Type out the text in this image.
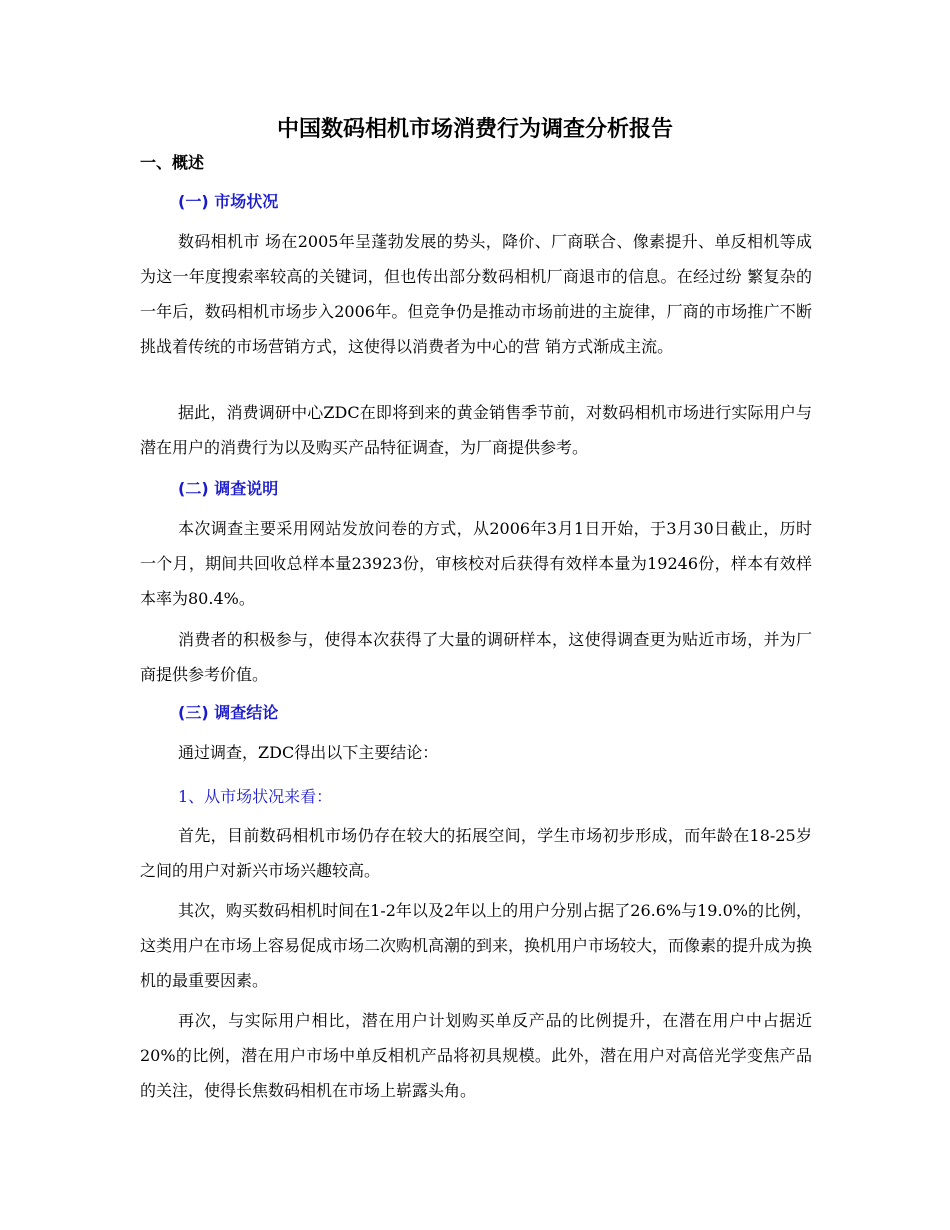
中国数码相机市场消费行为调查分析报告
一、概述
(一) 市场状况

数码相机市 场在2005年呈蓬勃发展的势头，降价、厂商联合、像素提升、单反相机等成为这一年度搜索率较高的关键词，但也传出部分数码相机厂商退市的信息。在经过纷 繁复杂的一年后，数码相机市场步入2006年。但竞争仍是推动市场前进的主旋律，厂商的市场推广不断挑战着传统的市场营销方式，这使得以消费者为中心的营 销方式渐成主流。

据此，消费调研中心ZDC在即将到来的黄金销售季节前，对数码相机市场进行实际用户与潜在用户的消费行为以及购买产品特征调查，为厂商提供参考。

(二) 调查说明

本次调查主要采用网站发放问卷的方式，从2006年3月1日开始，于3月30日截止，历时一个月，期间共回收总样本量23923份，审核校对后获得有效样本量为19246份，样本有效样本率为80.4%。

消费者的积极参与，使得本次获得了大量的调研样本，这使得调查更为贴近市场，并为厂商提供参考价值。

(三) 调查结论

通过调查，ZDC得出以下主要结论：

1、从市场状况来看：

首先，目前数码相机市场仍存在较大的拓展空间，学生市场初步形成，而年龄在18-25岁之间的用户对新兴市场兴趣较高。

其次，购买数码相机时间在1-2年以及2年以上的用户分别占据了26.6%与19.0%的比例，这类用户在市场上容易促成市场二次购机高潮的到来，换机用户市场较大，而像素的提升成为换机的最重要因素。

再次，与实际用户相比，潜在用户计划购买单反产品的比例提升，在潜在用户中占据近20%的比例，潜在用户市场中单反相机产品将初具规模。此外，潜在用户对高倍光学变焦产品的关注，使得长焦数码相机在市场上崭露头角。
